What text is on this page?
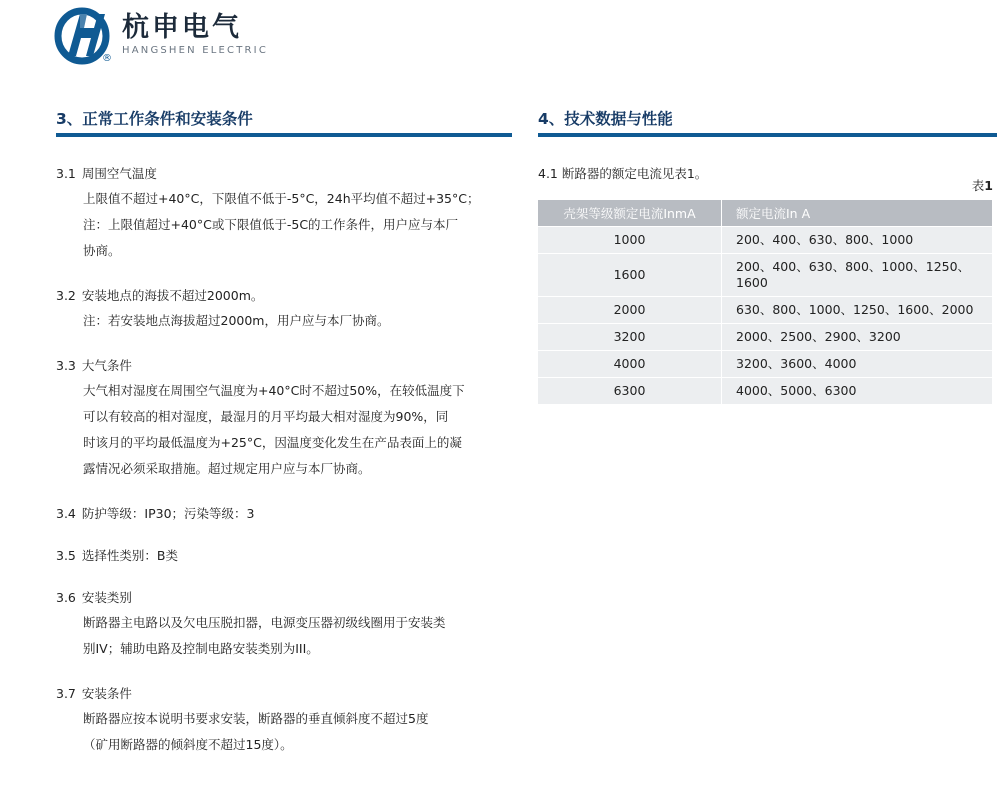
®
杭申电气
HANGSHEN ELECTRIC
3、正常工作条件和安装条件	4、技术数据与性能
3.1 周围空气温度
上限值不超过+40°C，下限值不低于-5°C，24h平均值不超过+35°C；
注：上限值超过+40°C或下限值低于-5C的工作条件，用户应与本厂
协商。
3.2 安装地点的海拔不超过2000m。
注：若安装地点海拔超过2000m，用户应与本厂协商。
3.3 大气条件
大气相对湿度在周围空气温度为+40°C时不超过50%，在较低温度下
可以有较高的相对湿度，最湿月的月平均最大相对湿度为90%，同
时该月的平均最低温度为+25°C，因温度变化发生在产品表面上的凝
露情况必须采取措施。超过规定用户应与本厂协商。
3.4 防护等级：IP30；污染等级：3
3.5 选择性类别：B类
3.6 安装类别
断路器主电路以及欠电压脱扣器，电源变压器初级线圈用于安装类
别IV；辅助电路及控制电路安装类别为III。
3.7 安装条件
断路器应按本说明书要求安装，断路器的垂直倾斜度不超过5度
（矿用断路器的倾斜度不超过15度）。
4.1 断路器的额定电流见表1。
表1
壳架等级额定电流InmA	额定电流In A
1000	200、400、630、800、1000
1600	200、400、630、800、1000、1250、1600
2000	630、800、1000、1250、1600、2000
3200	2000、2500、2900、3200
4000	3200、3600、4000
6300	4000、5000、6300
